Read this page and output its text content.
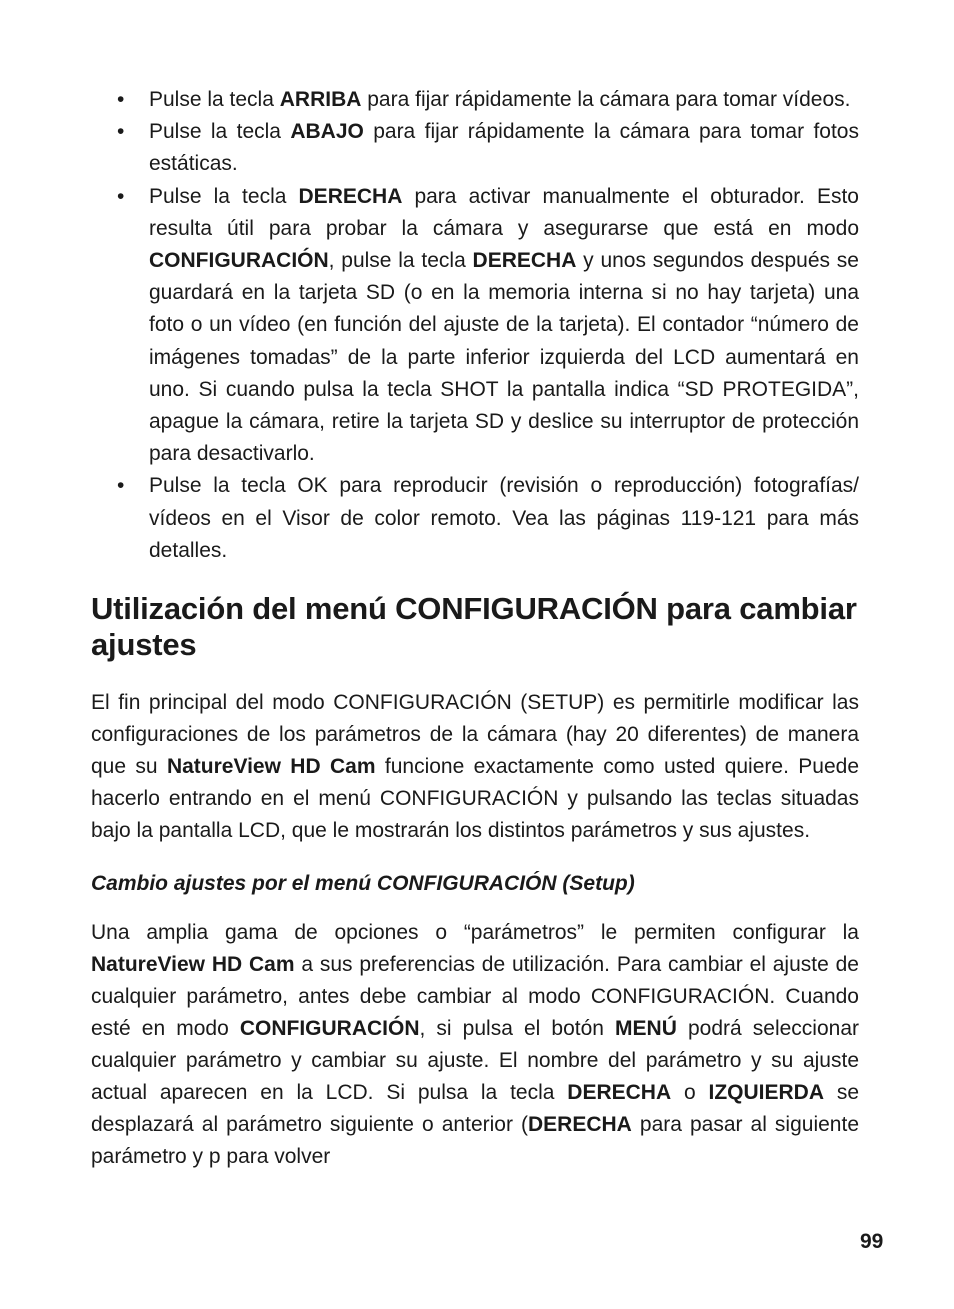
• Pulse la tecla ARRIBA para fijar rápidamente la cámara para tomar vídeos.

• Pulse la tecla ABAJO para fijar rápidamente la cámara para tomar fotos estáticas.

• Pulse la tecla DERECHA para activar manualmente el obturador. Esto resulta útil para probar la cámara y asegurarse que está en modo CONFIGURACIÓN, pulse la tecla DERECHA y unos segundos después se guardará en la tarjeta SD (o en la memoria interna si no hay tarjeta) una foto o un vídeo (en función del ajuste de la tarjeta). El contador “número de imágenes tomadas” de la parte inferior izquierda del LCD aumentará en uno. Si cuando pulsa la tecla SHOT la pantalla indica “SD PROTEGIDA”, apague la cámara, retire la tarjeta SD y deslice su interruptor de protección para desactivarlo.

• Pulse la tecla OK para reproducir (revisión o reproducción) fotografías/ vídeos en el Visor de color remoto. Vea las páginas 119-121 para más detalles.

Utilización del menú CONFIGURACIÓN para cambiar ajustes

El fin principal del modo CONFIGURACIÓN (SETUP) es permitirle modificar las configuraciones de los parámetros de la cámara (hay 20 diferentes) de manera que su NatureView HD Cam funcione exactamente como usted quiere. Puede hacerlo entrando en el menú CONFIGURACIÓN y pulsando las teclas situadas bajo la pantalla LCD, que le mostrarán los distintos parámetros y sus ajustes.

Cambio ajustes por el menú CONFIGURACIÓN (Setup)

Una amplia gama de opciones o “parámetros” le permiten configurar la NatureView HD Cam a sus preferencias de utilización. Para cambiar el ajuste de cualquier parámetro, antes debe cambiar al modo CONFIGURACIÓN. Cuando esté en modo CONFIGURACIÓN, si pulsa el botón MENÚ podrá seleccionar cualquier parámetro y cambiar su ajuste. El nombre del parámetro y su ajuste actual aparecen en la LCD. Si pulsa la tecla DERECHA o IZQUIERDA se desplazará al parámetro siguiente o anterior (DERECHA para pasar al siguiente parámetro y p para volver

99
